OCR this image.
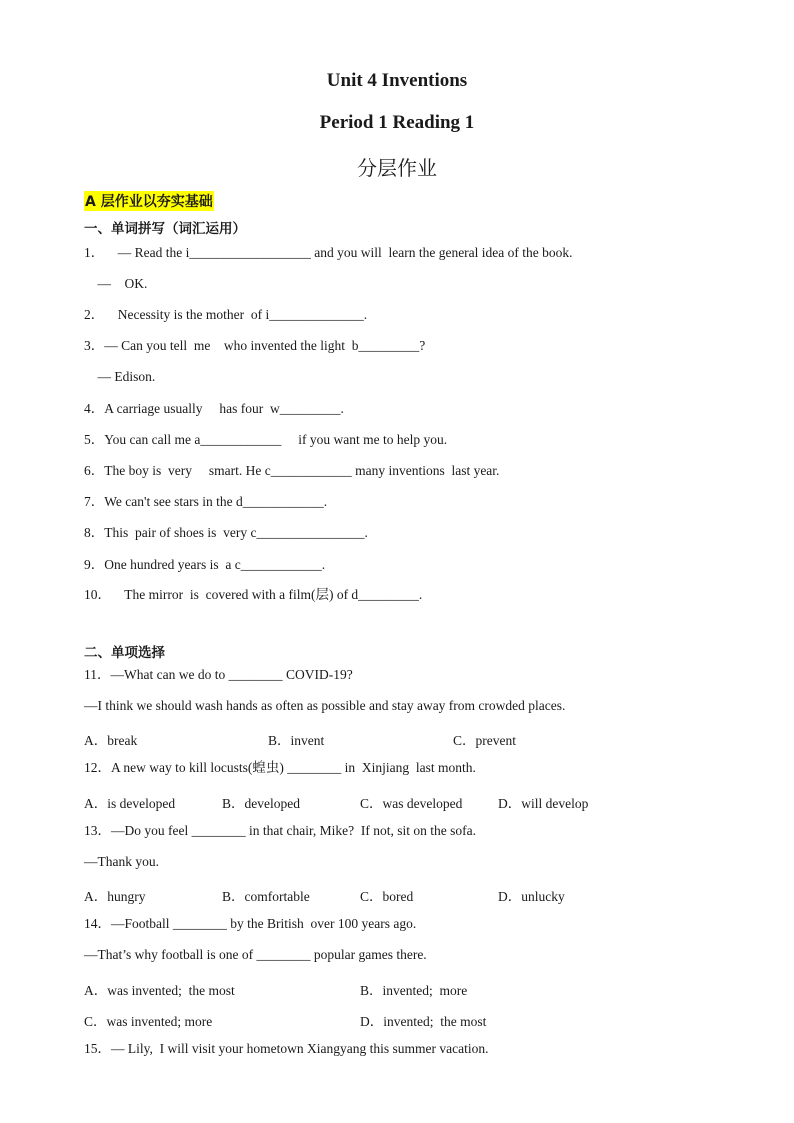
Unit 4 Inventions
Period 1 Reading 1
分层作业
A 层作业以夯实基础
一、单词拼写（词汇运用）
1．    — Read the i__________________ and you will  learn the general idea of the book.
—    OK.
2．    Necessity is the mother  of i______________.
3．— Can you tell  me    who invented the light  b_________?
— Edison.
4．A carriage usually     has four  w_________.
5．You can call me a____________     if you want me to help you.
6．The boy is  very     smart. He c____________ many inventions  last year.
7．We can't see stars in the d____________.
8．This  pair of shoes is  very c________________.
9．One hundred years is  a c____________.
10．    The mirror  is  covered with a film(层) of d_________.
二、单项选择
11．—What can we do to ________ COVID-19?
—I think we should wash hands as often as possible and stay away from crowded places.
A．break	B．invent	C．prevent
12．A new way to kill locusts(蝗虫) ________ in  Xinjiang  last month.
A．is developed	B．developed	C．was developed	D．will develop
13．—Do you feel ________ in that chair, Mike?  If not, sit on the sofa.
—Thank you.
A．hungry	B．comfortable	C．bored	D．unlucky
14．—Football ________ by the British  over 100 years ago.
—That’s why football is one of ________ popular games there.
A．was invented;  the most	B．invented;  more
C．was invented; more	D．invented;  the most
15．— Lily,  I will visit your hometown Xiangyang this summer vacation.
